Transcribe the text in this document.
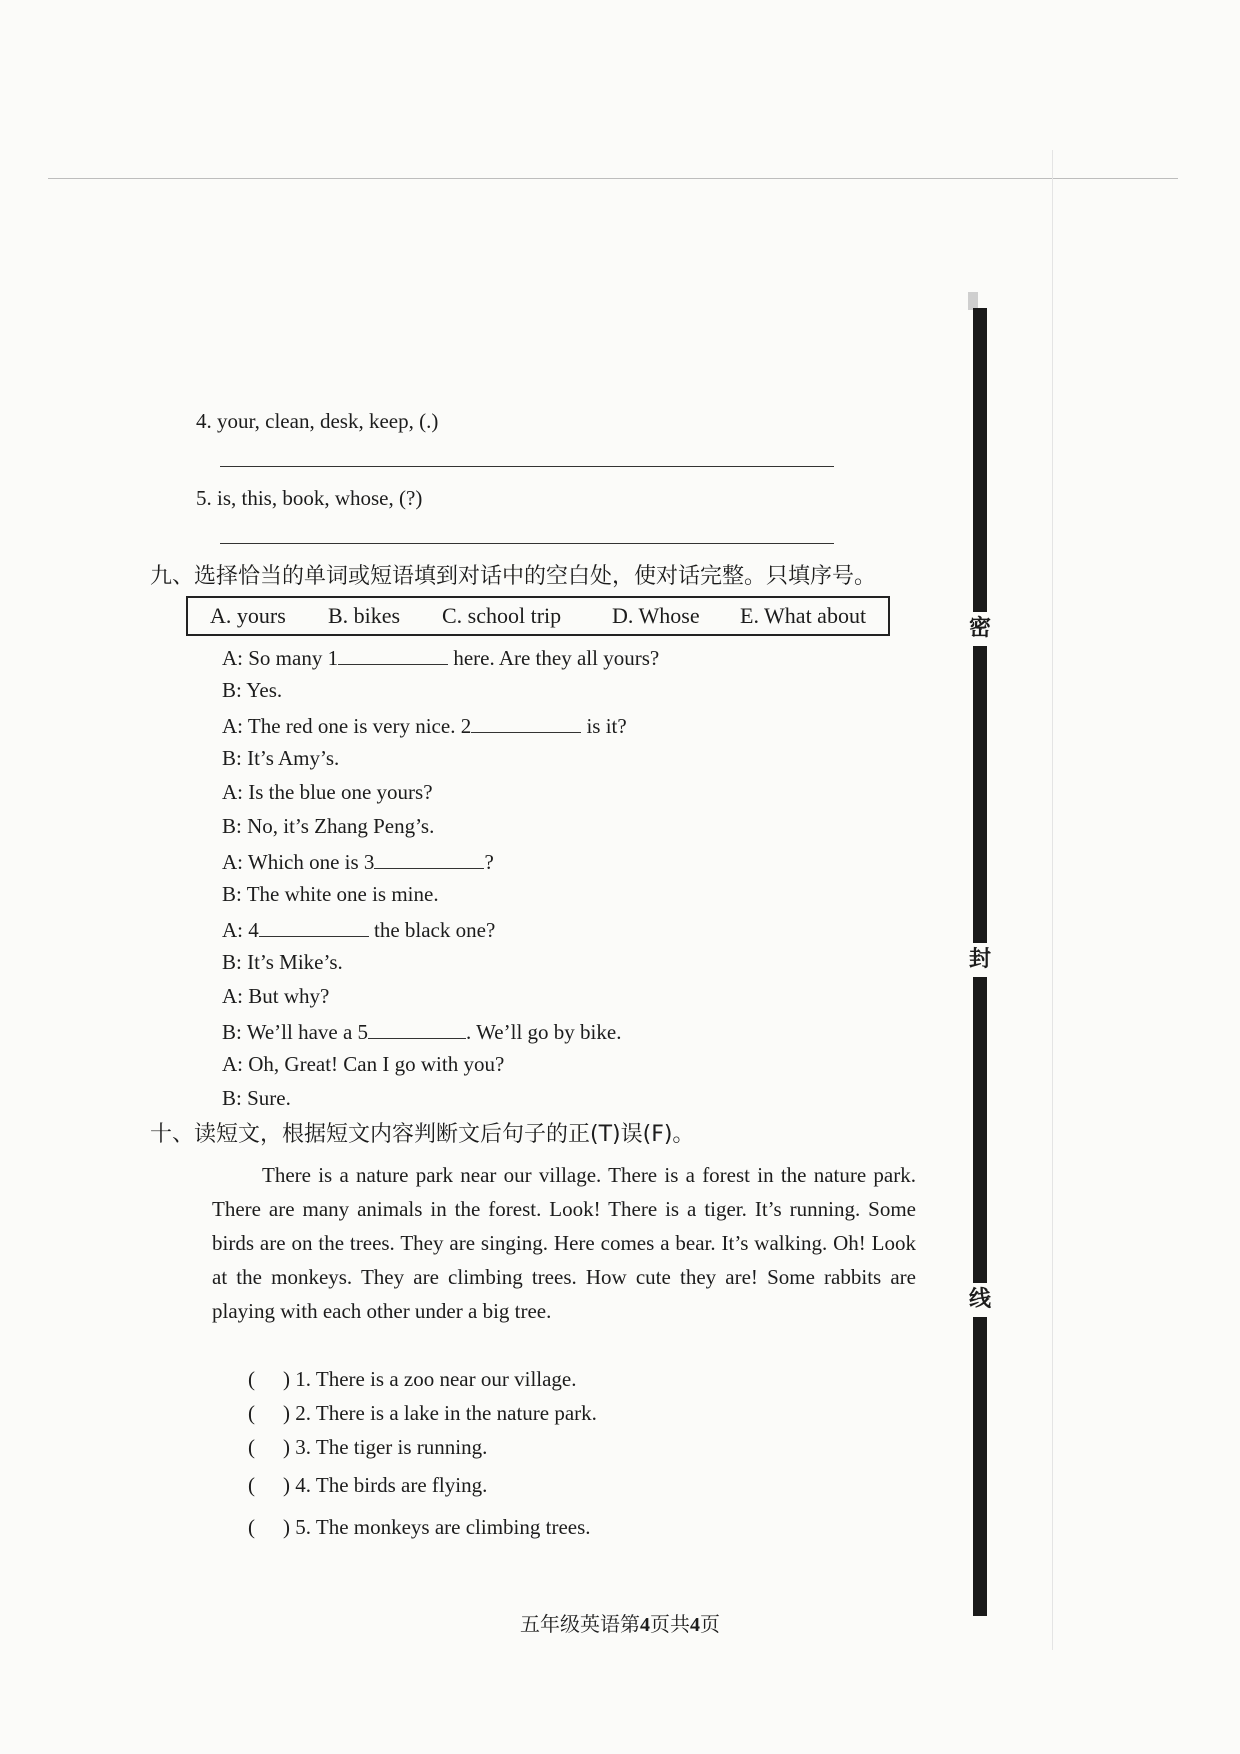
4. your, clean, desk, keep, (.)
5. is, this, book, whose, (?)
九、选择恰当的单词或短语填到对话中的空白处，使对话完整。只填序号。
A. yours B. bikes C. school trip D. Whose E. What about
A: So many 1	here. Are they all yours?
B: Yes.
A: The red one is very nice. 2	is it?
B: It’s Amy’s.
A: Is the blue one yours?
B: No, it’s Zhang Peng’s.
A: Which one is 3	?
B: The white one is mine.
A: 4	the black one?
B: It’s Mike’s.
A: But why?
B: We’ll have a 5	. We’ll go by bike.
A: Oh, Great! Can I go with you?
B: Sure.
十、读短文，根据短文内容判断文后句子的正(T)误(F)。
There is a nature park near our village. There is a forest in the nature park. There are many animals in the forest. Look! There is a tiger. It’s running. Some birds are on the trees. They are singing. Here comes a bear. It’s walking. Oh! Look at the monkeys. They are climbing trees. How cute they are! Some rabbits are playing with each other under a big tree.
( ) 1. There is a zoo near our village.
( ) 2. There is a lake in the nature park.
( ) 3. The tiger is running.
( ) 4. The birds are flying.
( ) 5. The monkeys are climbing trees.
五年级英语第4页共4页
密
封
线
